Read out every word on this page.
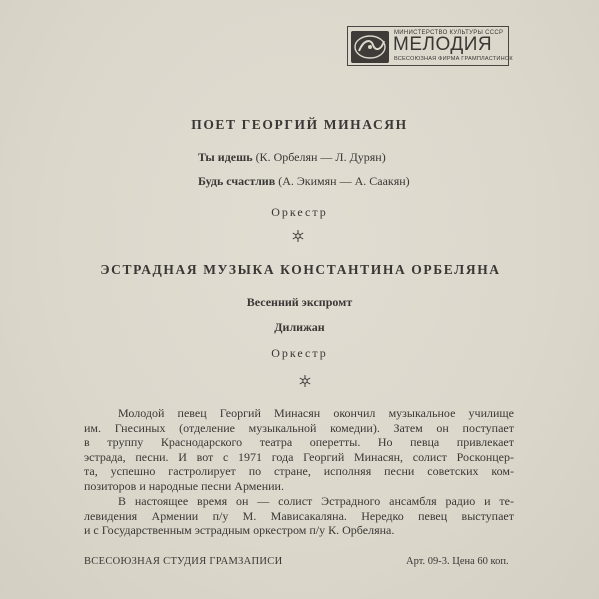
МИНИСТЕРСТВО КУЛЬТУРЫ СССР
МЕЛОДИЯ
ВСЕСОЮЗНАЯ ФИРМА ГРАМПЛАСТИНОК
ПОЕТ ГЕОРГИЙ МИНАСЯН
Ты идешь (К. Орбелян — Л. Дурян)
Будь счастлив (А. Экимян — А. Саакян)
Оркестр
ЭСТРАДНАЯ МУЗЫКА КОНСТАНТИНА ОРБЕЛЯНА
Весенний экспромт
Дилижан
Оркестр
Молодой певец Георгий Минасян окончил музыкальное училище
им. Гнесиных (отделение музыкальной комедии). Затем он поступает
в труппу Краснодарского театра оперетты. Но певца привлекает
эстрада, песни. И вот с 1971 года Георгий Минасян, солист Росконцер-
та, успешно гастролирует по стране, исполняя песни советских ком-
позиторов и народные песни Армении.
В настоящее время он — солист Эстрадного ансамбля радио и те-
левидения Армении п/у М. Мависакаляна. Нередко певец выступает
и с Государственным эстрадным оркестром п/у К. Орбеляна.
ВСЕСОЮЗНАЯ СТУДИЯ ГРАМЗАПИСИ	Арт. 09-3. Цена 60 коп.
